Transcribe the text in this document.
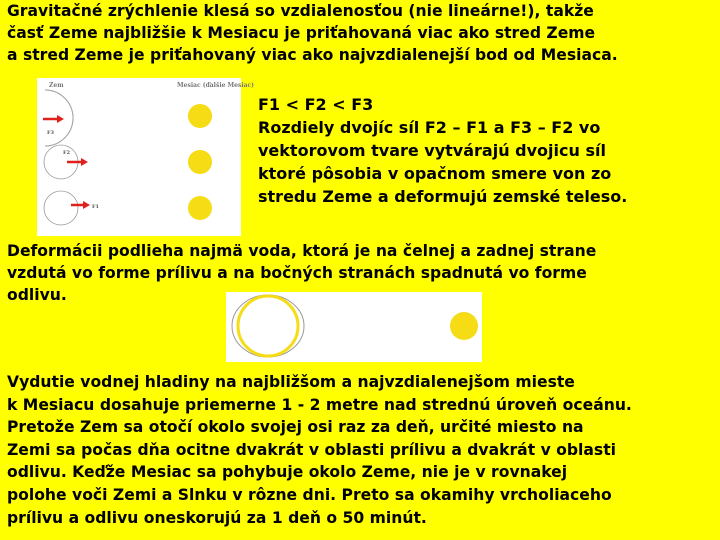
Gravitačné zrýchlenie klesá so vzdialenosťou (nie lineárne!), takže
časť Zeme najbližšie k Mesiacu je priťahovaná viac ako stred Zeme
a stred Zeme je priťahovaný viac ako najvzdialenejší bod od Mesiaca.

Zem	Mesiac (ďalšie Mesiac)
F3
F2
F1

F1 < F2 < F3
Rozdiely dvojíc síl F2 – F1 a F3 – F2 vo
vektorovom tvare vytvárajú dvojicu síl
ktoré pôsobia v opačnom smere von zo
stredu Zeme a deformujú zemské teleso.

Deformácii podlieha najmä voda, ktorá je na čelnej a zadnej strane
vzdutá vo forme prílivu a na bočných stranách spadnutá vo forme
odlivu.

Vydutie vodnej hladiny na najbližšom a najvzdialenejšom mieste
k Mesiacu dosahuje priemerne 1 - 2 metre nad strednú úroveň oceánu.
Pretože Zem sa otočí okolo svojej osi raz za deň, určité miesto na
Zemi sa počas dňa ocitne dvakrát v oblasti prílivu a dvakrát v oblasti
odlivu. Keďže Mesiac sa pohybuje okolo Zeme, nie je v rovnakej
polohe voči Zemi a Slnku v rôzne dni. Preto sa okamihy vrcholiaceho
prílivu a odlivu oneskorujú za 1 deň o 50 minút.
